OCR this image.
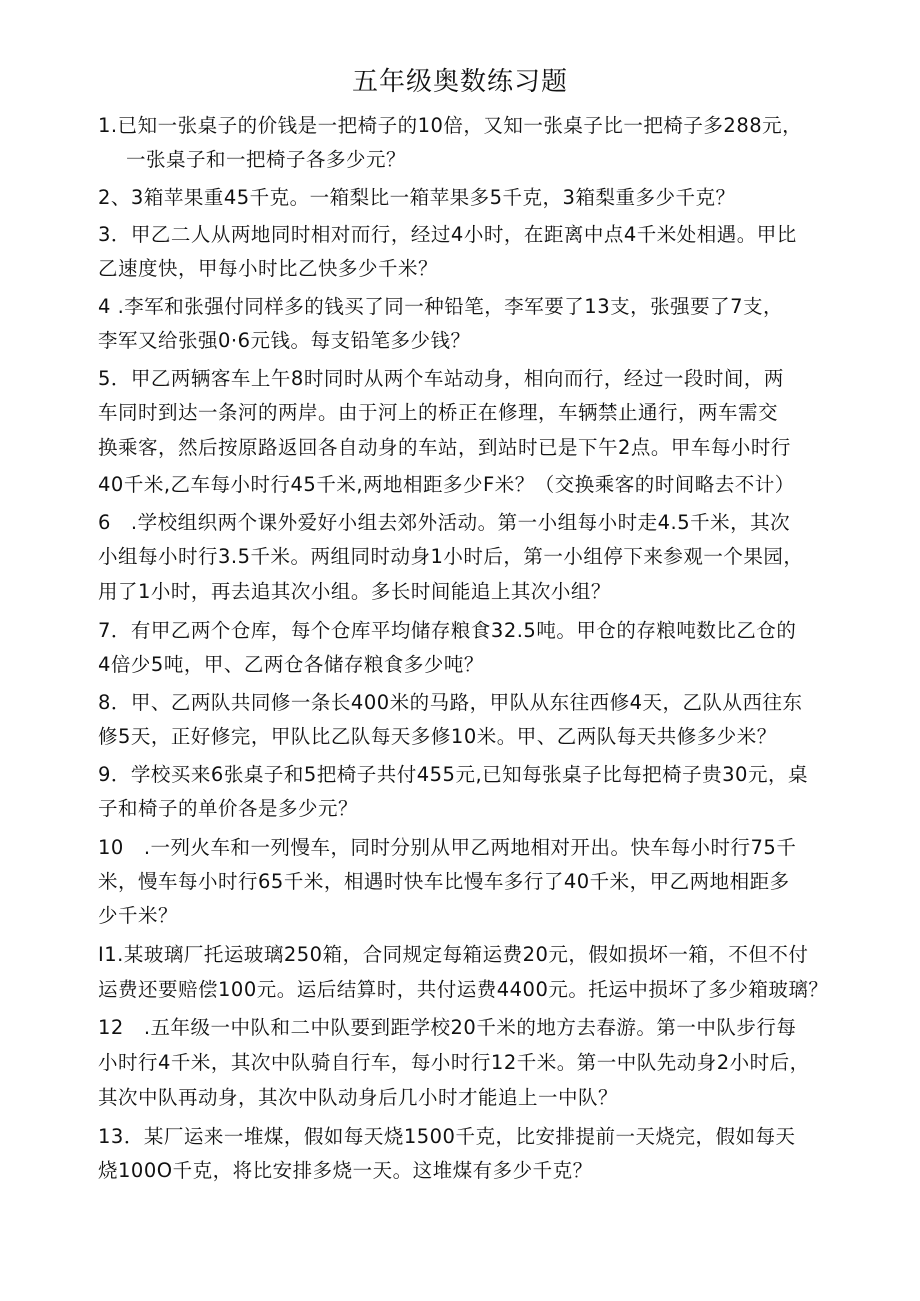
五年级奥数练习题
1.已知一张桌子的价钱是一把椅子的10倍，又知一张桌子比一把椅子多288元，
一张桌子和一把椅子各多少元？
2、3箱苹果重45千克。一箱梨比一箱苹果多5千克，3箱梨重多少千克？
3．甲乙二人从两地同时相对而行，经过4小时，在距离中点4千米处相遇。甲比
乙速度快，甲每小时比乙快多少千米？
4 .李军和张强付同样多的钱买了同一种铅笔，李军要了13支，张强要了7支，
李军又给张强0·6元钱。每支铅笔多少钱？
5．甲乙两辆客车上午8时同时从两个车站动身，相向而行，经过一段时间，两
车同时到达一条河的两岸。由于河上的桥正在修理，车辆禁止通行，两车需交
换乘客，然后按原路返回各自动身的车站，到站时已是下午2点。甲车每小时行
40千米,乙车每小时行45千米,两地相距多少F米？（交换乘客的时间略去不计）
6　.学校组织两个课外爱好小组去郊外活动。第一小组每小时走4.5千米，其次
小组每小时行3.5千米。两组同时动身1小时后，第一小组停下来参观一个果园，
用了1小时，再去追其次小组。多长时间能追上其次小组？
7．有甲乙两个仓库，每个仓库平均储存粮食32.5吨。甲仓的存粮吨数比乙仓的
4倍少5吨，甲、乙两仓各储存粮食多少吨？
8．甲、乙两队共同修一条长400米的马路，甲队从东往西修4天，乙队从西往东
修5天，正好修完，甲队比乙队每天多修10米。甲、乙两队每天共修多少米？
9．学校买来6张桌子和5把椅子共付455元,已知每张桌子比每把椅子贵30元，桌
子和椅子的单价各是多少元？
10　.一列火车和一列慢车，同时分别从甲乙两地相对开出。快车每小时行75千
米，慢车每小时行65千米，相遇时快车比慢车多行了40千米，甲乙两地相距多
少千米？
I1.某玻璃厂托运玻璃250箱，合同规定每箱运费20元，假如损坏一箱，不但不付
运费还要赔偿100元。运后结算时，共付运费4400元。托运中损坏了多少箱玻璃？
12　.五年级一中队和二中队要到距学校20千米的地方去春游。第一中队步行每
小时行4千米，其次中队骑自行车，每小时行12千米。第一中队先动身2小时后，
其次中队再动身，其次中队动身后几小时才能追上一中队？
13．某厂运来一堆煤，假如每天烧1500千克，比安排提前一天烧完，假如每天
烧100O千克，将比安排多烧一天。这堆煤有多少千克？
